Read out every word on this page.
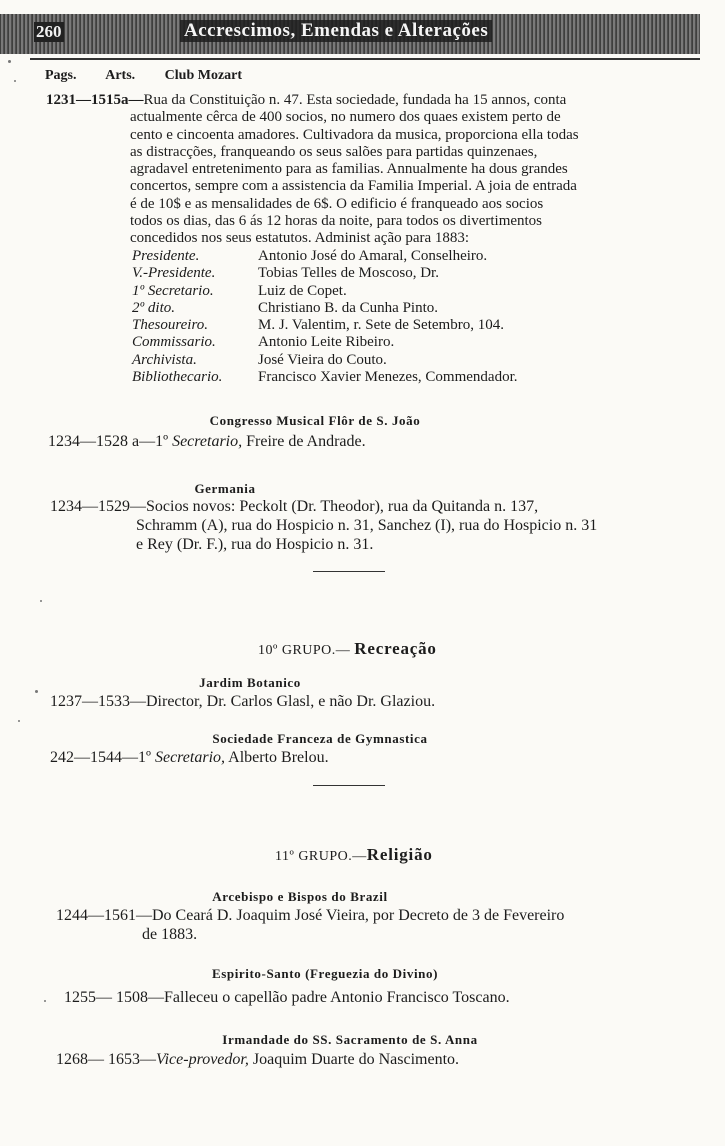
260	Accrescimos, Emendas e Alterações
Pags. Arts. Club Mozart
1231—1515a—Rua da Constituição n. 47. Esta sociedade, fundada ha 15 annos, conta
actualmente cêrca de 400 socios, no numero dos quaes existem perto de
cento e cincoenta amadores. Cultivadora da musica, proporciona ella todas
as distracções, franqueando os seus salões para partidas quinzenaes,
agradavel entretenimento para as familias. Annualmente ha dous grandes
concertos, sempre com a assistencia da Familia Imperial. A joia de entrada
é de 10$ e as mensalidades de 6$. O edificio é franqueado aos socios
todos os dias, das 6 ás 12 horas da noite, para todos os divertimentos
concedidos nos seus estatutos. Administ ação para 1883:
Presidente.	Antonio José do Amaral, Conselheiro.
V.-Presidente.	Tobias Telles de Moscoso, Dr.
1º Secretario.	Luiz de Copet.
2º dito.	Christiano B. da Cunha Pinto.
Thesoureiro.	M. J. Valentim, r. Sete de Setembro, 104.
Commissario.	Antonio Leite Ribeiro.
Archivista.	José Vieira do Couto.
Bibliothecario.	Francisco Xavier Menezes, Commendador.
Congresso Musical Flôr de S. João
1234—1528 a—1º Secretario, Freire de Andrade.
Germania
1234—1529—Socios novos: Peckolt (Dr. Theodor), rua da Quitanda n. 137,
Schramm (A), rua do Hospicio n. 31, Sanchez (I), rua do Hospicio n. 31
e Rey (Dr. F.), rua do Hospicio n. 31.
10º GRUPO.— Recreação
Jardim Botanico
1237—1533—Director, Dr. Carlos Glasl, e não Dr. Glaziou.
Sociedade Franceza de Gymnastica
242—1544—1º Secretario, Alberto Brelou.
11º GRUPO.—Religião
Arcebispo e Bispos do Brazil
1244—1561—Do Ceará D. Joaquim José Vieira, por Decreto de 3 de Fevereiro
de 1883.
Espirito-Santo (Freguezia do Divino)
1255— 1508—Falleceu o capellão padre Antonio Francisco Toscano.
Irmandade do SS. Sacramento de S. Anna
1268— 1653—Vice-provedor, Joaquim Duarte do Nascimento.
